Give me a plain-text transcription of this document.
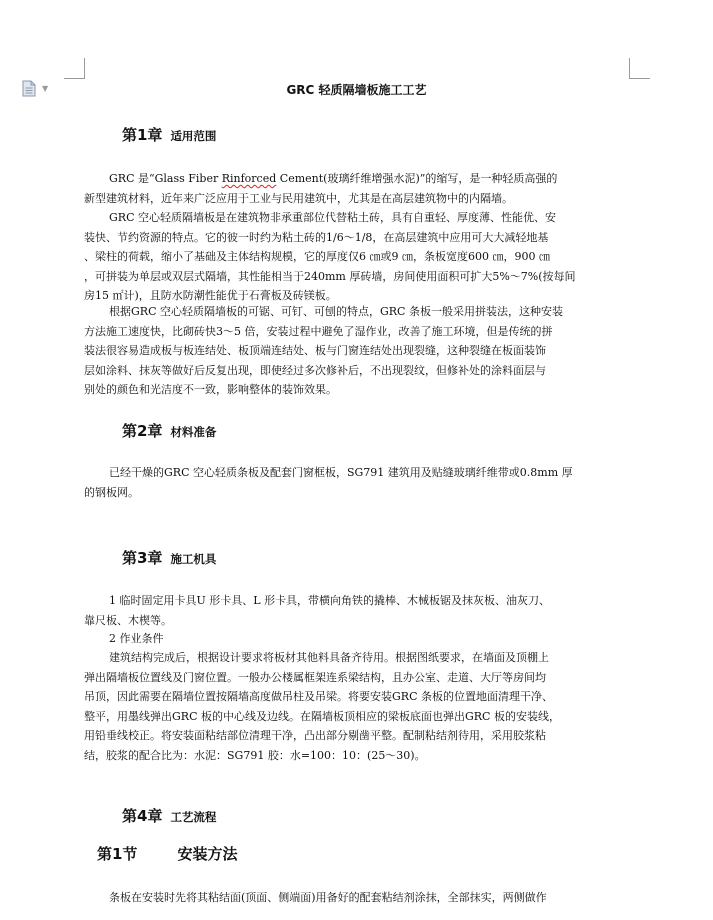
▼	GRC 轻质隔墙板施工工艺
第1章 适用范围
GRC 是“Glass Fiber Rinforced Cement(玻璃纤维增强水泥)”的缩写，是一种轻质高强的
新型建筑材料，近年来广泛应用于工业与民用建筑中，尤其是在高层建筑物中的内隔墙。
GRC 空心轻质隔墙板是在建筑物非承重部位代替粘土砖，具有自重轻、厚度薄、性能优、安
装快、节约资源的特点。它的彼一时约为粘土砖的1/6～1/8，在高层建筑中应用可大大减轻地基
、梁柱的荷载，缩小了基础及主体结构规模，它的厚度仅6 ㎝或9 ㎝，条板宽度600 ㎝，900 ㎝
，可拼装为单层或双层式隔墙，其性能相当于240mm 厚砖墙，房间使用面积可扩大5%～7%(按每间
房15 ㎡计)，且防水防潮性能优于石膏板及砖镁板。
根据GRC 空心轻质隔墙板的可锯、可钉、可刨的特点，GRC 条板一般采用拼装法，这种安装
方法施工速度快，比砌砖快3～5 倍，安装过程中避免了湿作业，改善了施工环境，但是传统的拼
装法很容易造成板与板连结处、板顶端连结处、板与门窗连结处出现裂缝，这种裂缝在板面装饰
层如涂料、抹灰等做好后反复出现，即使经过多次修补后，不出现裂纹，但修补处的涂料面层与
别处的颜色和光洁度不一致，影响整体的装饰效果。
第2章 材料准备
已经干燥的GRC 空心轻质条板及配套门窗框板，SG791 建筑用及贴缝玻璃纤维带或0.8mm 厚
的钢板网。
第3章 施工机具
1 临时固定用卡具U 形卡具、L 形卡具，带横向角铁的撬棒、木械板锯及抹灰板、油灰刀、
靠尺板、木楔等。
2 作业条件
建筑结构完成后，根据设计要求将板材其他料具备齐待用。根据图纸要求，在墙面及顶棚上
弹出隔墙板位置线及门窗位置。一般办公楼属框架连系梁结构，且办公室、走道、大厅等房间均
吊顶，因此需要在隔墙位置按隔墙高度做吊柱及吊梁。将要安装GRC 条板的位置地面清理干净、
整平，用墨线弹出GRC 板的中心线及边线。在隔墙板顶相应的梁板底面也弹出GRC 板的安装线，
用铅垂线校正。将安装面粘结部位清理干净，凸出部分剔凿平整。配制粘结剂待用，采用胶浆粘
结，胶浆的配合比为：水泥：SG791 胶：水=100：10：(25～30)。
第4章 工艺流程
第1节	安装方法
条板在安装时先将其粘结面(顶面、侧端面)用备好的配套粘结剂涂抹，全部抹实，两侧做作
